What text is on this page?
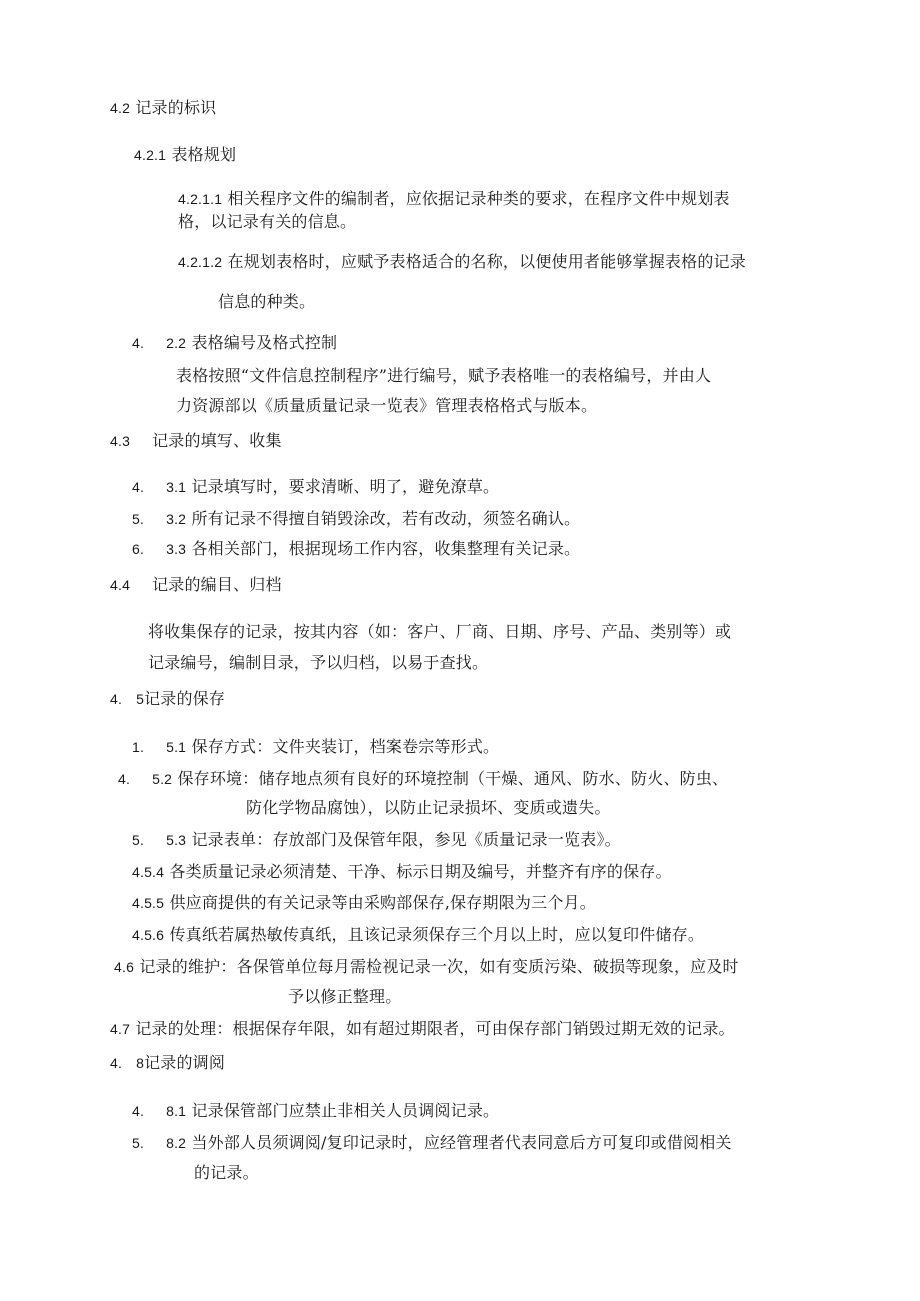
4.2 记录的标识
4.2.1 表格规划
4.2.1.1 相关程序文件的编制者，应依据记录种类的要求，在程序文件中规划表
格，以记录有关的信息。
4.2.1.2 在规划表格时，应赋予表格适合的名称，以便使用者能够掌握表格的记录
信息的种类。
4. 2.2 表格编号及格式控制
表格按照“文件信息控制程序”进行编号，赋予表格唯一的表格编号，并由人
力资源部以《质量质量记录一览表》管理表格格式与版本。
4.3 记录的填写、收集
4. 3.1 记录填写时，要求清晰、明了，避免潦草。
5. 3.2 所有记录不得擅自销毁涂改，若有改动，须签名确认。
6. 3.3 各相关部门，根据现场工作内容，收集整理有关记录。
4.4 记录的编目、归档
将收集保存的记录，按其内容（如：客户、厂商、日期、序号、产品、类别等）或
记录编号，编制目录，予以归档，以易于查找。
4. 5记录的保存
1. 5.1 保存方式：文件夹装订，档案卷宗等形式。
4. 5.2 保存环境：储存地点须有良好的环境控制（干燥、通风、防水、防火、防虫、
防化学物品腐蚀），以防止记录损坏、变质或遗失。
5. 5.3 记录表单：存放部门及保管年限，参见《质量记录一览表》。
4.5.4 各类质量记录必须清楚、干净、标示日期及编号，并整齐有序的保存。
4.5.5 供应商提供的有关记录等由采购部保存,保存期限为三个月。
4.5.6 传真纸若属热敏传真纸，且该记录须保存三个月以上时，应以复印件储存。
4.6 记录的维护：各保管单位每月需检视记录一次，如有变质污染、破损等现象，应及时
予以修正整理。
4.7 记录的处理：根据保存年限，如有超过期限者，可由保存部门销毁过期无效的记录。
4. 8记录的调阅
4. 8.1 记录保管部门应禁止非相关人员调阅记录。
5. 8.2 当外部人员须调阅/复印记录时，应经管理者代表同意后方可复印或借阅相关
的记录。
